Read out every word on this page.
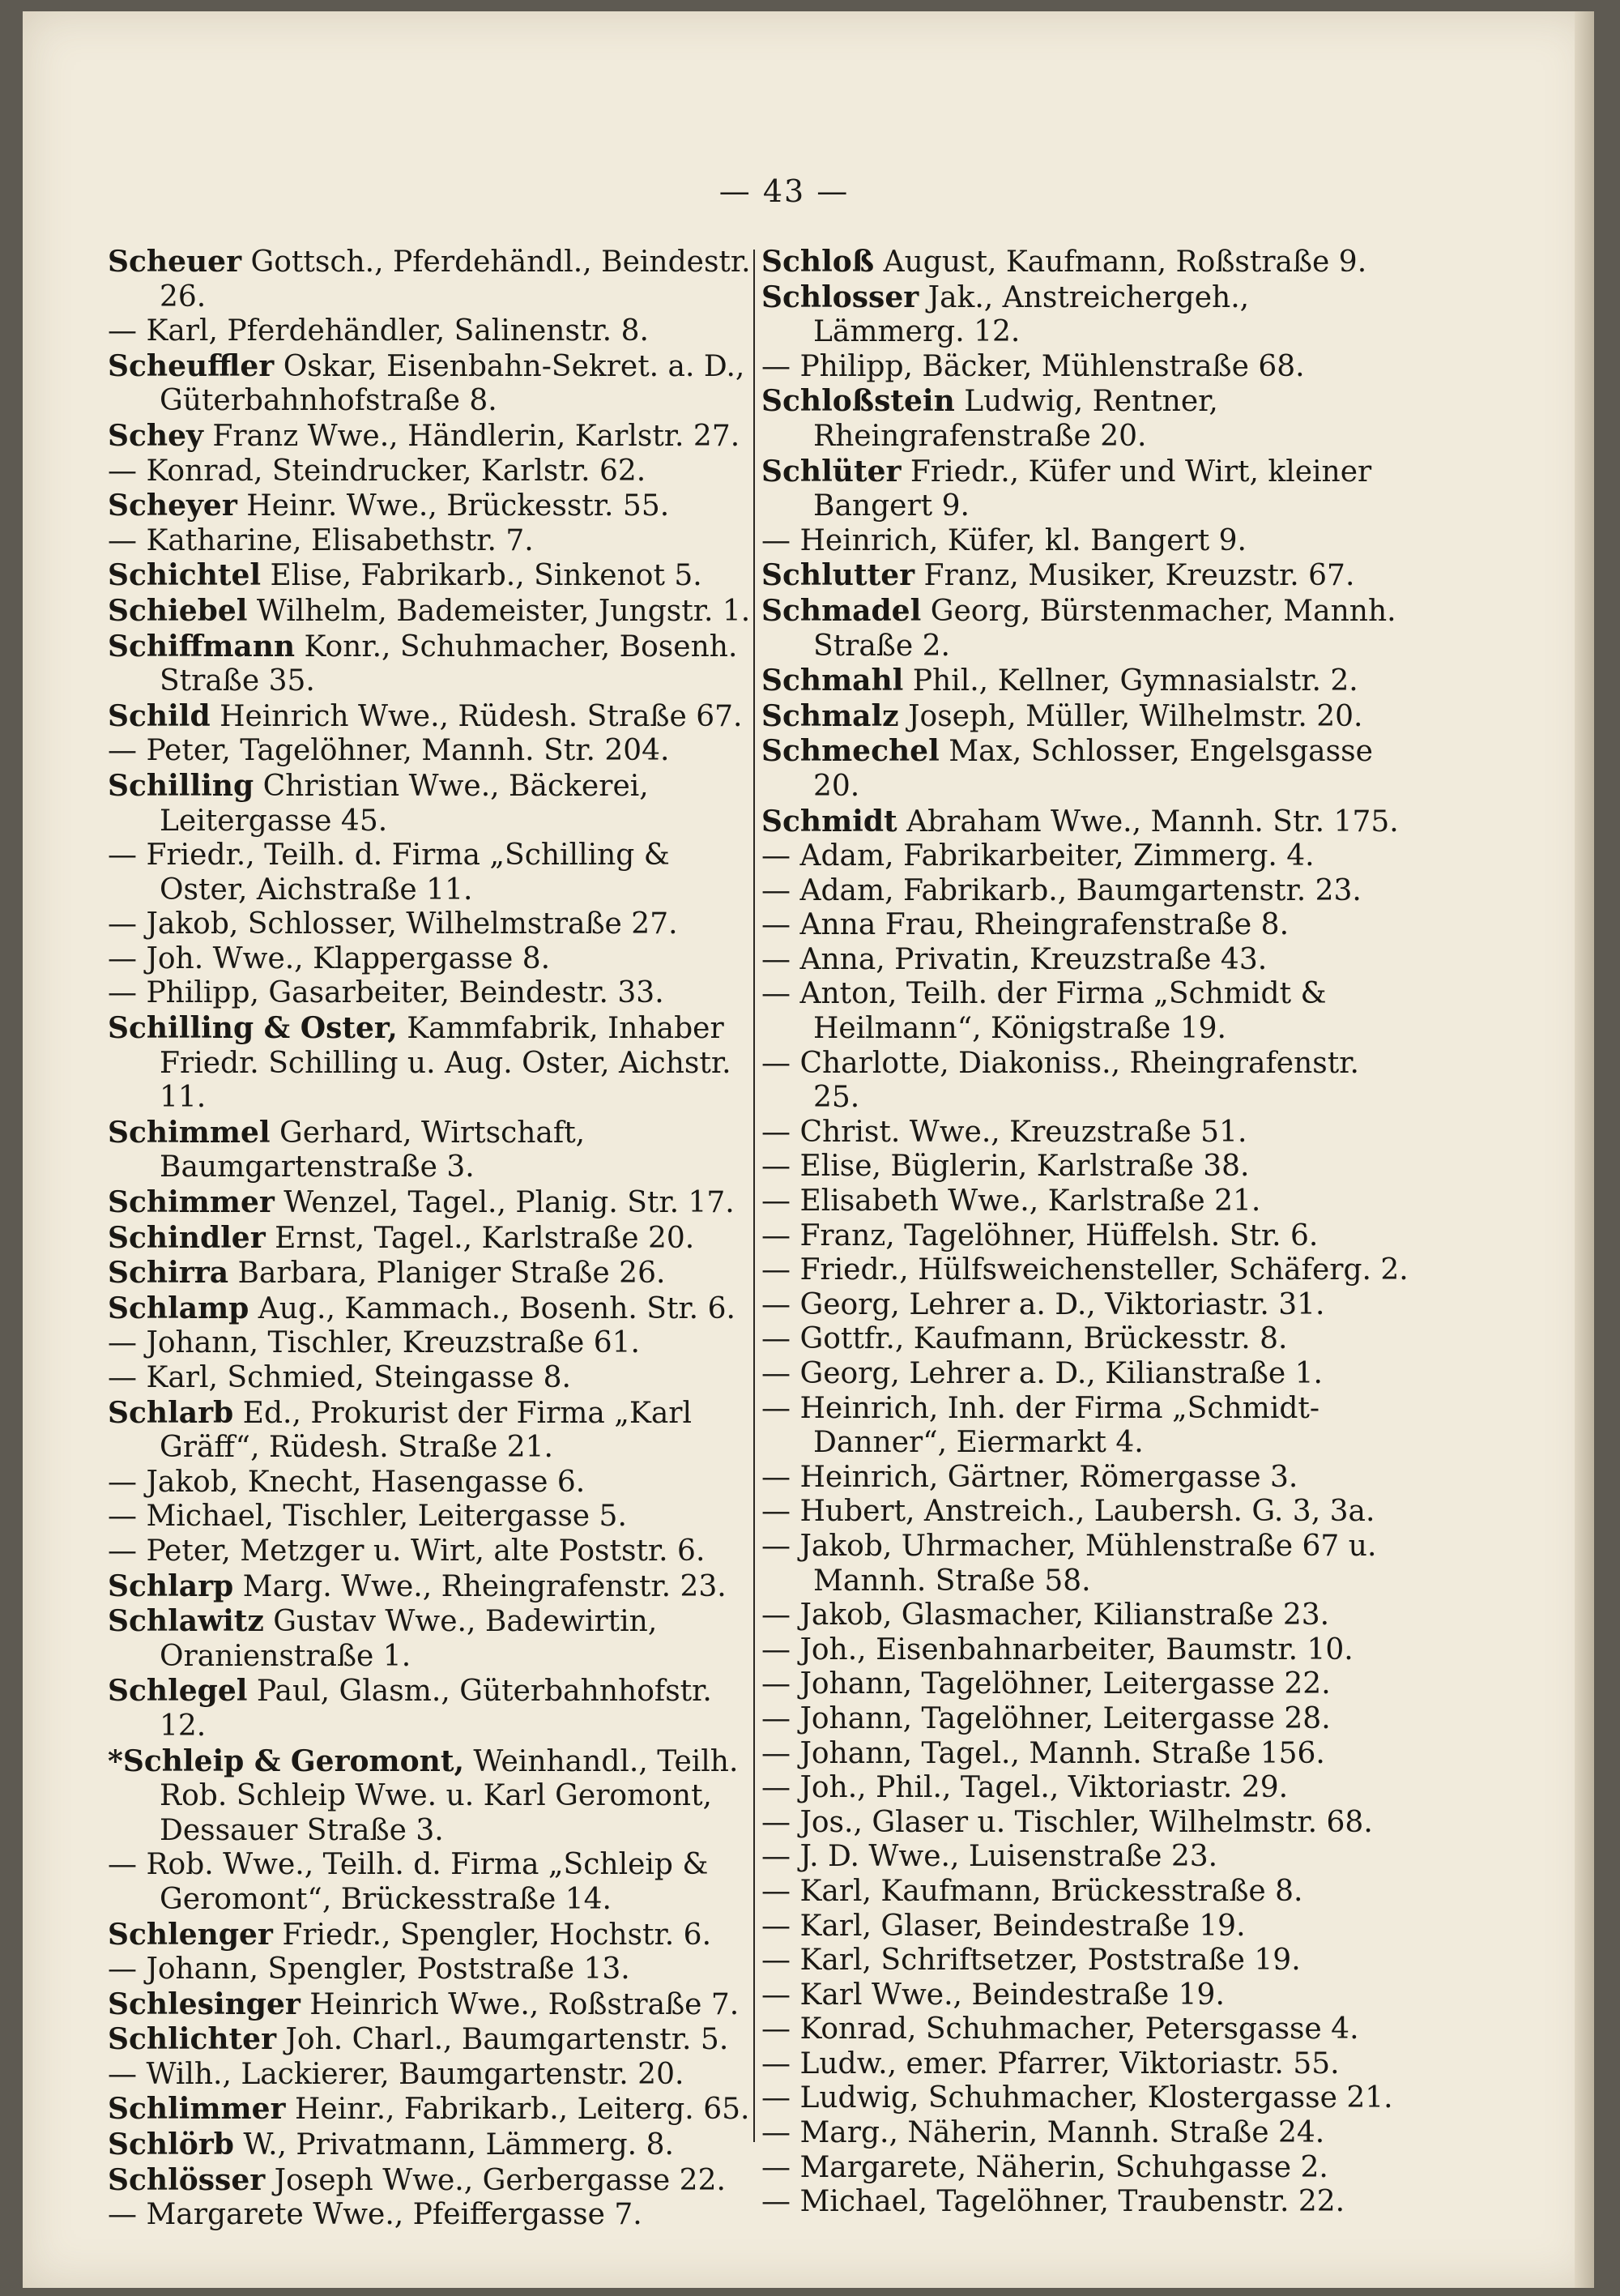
— 43 —
Scheuer Gottsch., Pferdehändl., Beindestr. 26.
— Karl, Pferdehändler, Salinenstr. 8.
Scheuffler Oskar, Eisenbahn-Sekret. a. D., Güterbahnhofstraße 8.
Schey Franz Wwe., Händlerin, Karlstr. 27.
— Konrad, Steindrucker, Karlstr. 62.
Scheyer Heinr. Wwe., Brückesstr. 55.
— Katharine, Elisabethstr. 7.
Schichtel Elise, Fabrikarb., Sinkenot 5.
Schiebel Wilhelm, Bademeister, Jungstr. 1.
Schiffmann Konr., Schuhmacher, Bosenh. Straße 35.
Schild Heinrich Wwe., Rüdesh. Straße 67.
— Peter, Tagelöhner, Mannh. Str. 204.
Schilling Christian Wwe., Bäckerei, Leitergasse 45.
— Friedr., Teilh. d. Firma „Schilling & Oster, Aichstraße 11.
— Jakob, Schlosser, Wilhelmstraße 27.
— Joh. Wwe., Klappergasse 8.
— Philipp, Gasarbeiter, Beindestr. 33.
Schilling & Oster, Kammfabrik, Inhaber Friedr. Schilling u. Aug. Oster, Aichstr. 11.
Schimmel Gerhard, Wirtschaft, Baumgartenstraße 3.
Schimmer Wenzel, Tagel., Planig. Str. 17.
Schindler Ernst, Tagel., Karlstraße 20.
Schirra Barbara, Planiger Straße 26.
Schlamp Aug., Kammach., Bosenh. Str. 6.
— Johann, Tischler, Kreuzstraße 61.
— Karl, Schmied, Steingasse 8.
Schlarb Ed., Prokurist der Firma „Karl Gräff“, Rüdesh. Straße 21.
— Jakob, Knecht, Hasengasse 6.
— Michael, Tischler, Leitergasse 5.
— Peter, Metzger u. Wirt, alte Poststr. 6.
Schlarp Marg. Wwe., Rheingrafenstr. 23.
Schlawitz Gustav Wwe., Badewirtin, Oranienstraße 1.
Schlegel Paul, Glasm., Güterbahnhofstr. 12.
*Schleip & Geromont, Weinhandl., Teilh. Rob. Schleip Wwe. u. Karl Geromont, Dessauer Straße 3.
— Rob. Wwe., Teilh. d. Firma „Schleip & Geromont“, Brückesstraße 14.
Schlenger Friedr., Spengler, Hochstr. 6.
— Johann, Spengler, Poststraße 13.
Schlesinger Heinrich Wwe., Roßstraße 7.
Schlichter Joh. Charl., Baumgartenstr. 5.
— Wilh., Lackierer, Baumgartenstr. 20.
Schlimmer Heinr., Fabrikarb., Leiterg. 65.
Schlörb W., Privatmann, Lämmerg. 8.
Schlösser Joseph Wwe., Gerbergasse 22.
— Margarete Wwe., Pfeiffergasse 7.
Schloß August, Kaufmann, Roßstraße 9.
Schlosser Jak., Anstreichergeh., Lämmerg. 12.
— Philipp, Bäcker, Mühlenstraße 68.
Schloßstein Ludwig, Rentner, Rheingrafenstraße 20.
Schlüter Friedr., Küfer und Wirt, kleiner Bangert 9.
— Heinrich, Küfer, kl. Bangert 9.
Schlutter Franz, Musiker, Kreuzstr. 67.
Schmadel Georg, Bürstenmacher, Mannh. Straße 2.
Schmahl Phil., Kellner, Gymnasialstr. 2.
Schmalz Joseph, Müller, Wilhelmstr. 20.
Schmechel Max, Schlosser, Engelsgasse 20.
Schmidt Abraham Wwe., Mannh. Str. 175.
— Adam, Fabrikarbeiter, Zimmerg. 4.
— Adam, Fabrikarb., Baumgartenstr. 23.
— Anna Frau, Rheingrafenstraße 8.
— Anna, Privatin, Kreuzstraße 43.
— Anton, Teilh. der Firma „Schmidt & Heilmann“, Königstraße 19.
— Charlotte, Diakoniss., Rheingrafenstr. 25.
— Christ. Wwe., Kreuzstraße 51.
— Elise, Büglerin, Karlstraße 38.
— Elisabeth Wwe., Karlstraße 21.
— Franz, Tagelöhner, Hüffelsh. Str. 6.
— Friedr., Hülfsweichensteller, Schäferg. 2.
— Georg, Lehrer a. D., Viktoriastr. 31.
— Gottfr., Kaufmann, Brückesstr. 8.
— Georg, Lehrer a. D., Kilianstraße 1.
— Heinrich, Inh. der Firma „Schmidt-Danner“, Eiermarkt 4.
— Heinrich, Gärtner, Römergasse 3.
— Hubert, Anstreich., Laubersh. G. 3, 3a.
— Jakob, Uhrmacher, Mühlenstraße 67 u. Mannh. Straße 58.
— Jakob, Glasmacher, Kilianstraße 23.
— Joh., Eisenbahnarbeiter, Baumstr. 10.
— Johann, Tagelöhner, Leitergasse 22.
— Johann, Tagelöhner, Leitergasse 28.
— Johann, Tagel., Mannh. Straße 156.
— Joh., Phil., Tagel., Viktoriastr. 29.
— Jos., Glaser u. Tischler, Wilhelmstr. 68.
— J. D. Wwe., Luisenstraße 23.
— Karl, Kaufmann, Brückesstraße 8.
— Karl, Glaser, Beindestraße 19.
— Karl, Schriftsetzer, Poststraße 19.
— Karl Wwe., Beindestraße 19.
— Konrad, Schuhmacher, Petersgasse 4.
— Ludw., emer. Pfarrer, Viktoriastr. 55.
— Ludwig, Schuhmacher, Klostergasse 21.
— Marg., Näherin, Mannh. Straße 24.
— Margarete, Näherin, Schuhgasse 2.
— Michael, Tagelöhner, Traubenstr. 22.
